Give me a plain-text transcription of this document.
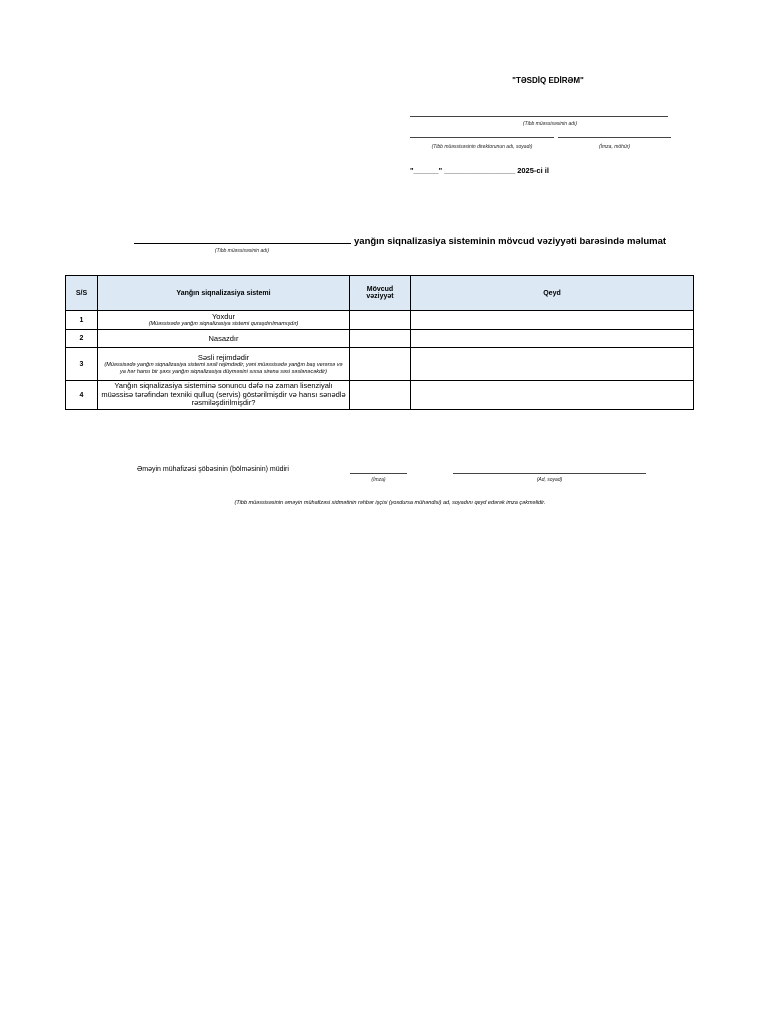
"TƏSDİQ EDİRƏM"
(Tibb müəssisəsinin adı)
(Tibb müəssisəsinin direktorunun adı, soyadı)	(İmza, möhür)
"______" _________________ 2025-ci il
yanğın siqnalizasiya sisteminin mövcud vəziyyəti barəsində məlumat
(Tibb müəssisəsinin adı)
S/S	Yanğın siqnalizasiya sistemi	Mövcud vəziyyət	Qeyd
1	Yoxdur
(Müəssisədə yanğın siqnalizasiya sistemi quraşdırılmamışdır)		

2	Nasazdır		

3	Səsli rejimdədir
(Müəssisədə yanğın siqnalizasiya sistemi səsli rejimdədir, yəni müəssisədə yanğın baş verərsə və ya hər hansı bir şəxs yanğın siqnalizasiya düyməsini sıxsa sirena səsi səslənəcəkdir)		

4	Yanğın siqnalizasiya sisteminə sonuncu dəfə nə zaman lisenziyalı müəssisə tərəfindən texniki qulluq (servis) göstərilmişdir və hansı sənədlə rəsmiləşdirilmişdir?		

Əməyin mühafizəsi şöbəsinin (bölməsinin) müdiri
(İmza)	(Ad, soyad)
(Tibb müəssisəsinin əməyin mühafizəsi xidmətinin rəhbər işçisi (yoxdursa mühəndisi) ad, soyadını qeyd edərək imza çəkməlidir.
